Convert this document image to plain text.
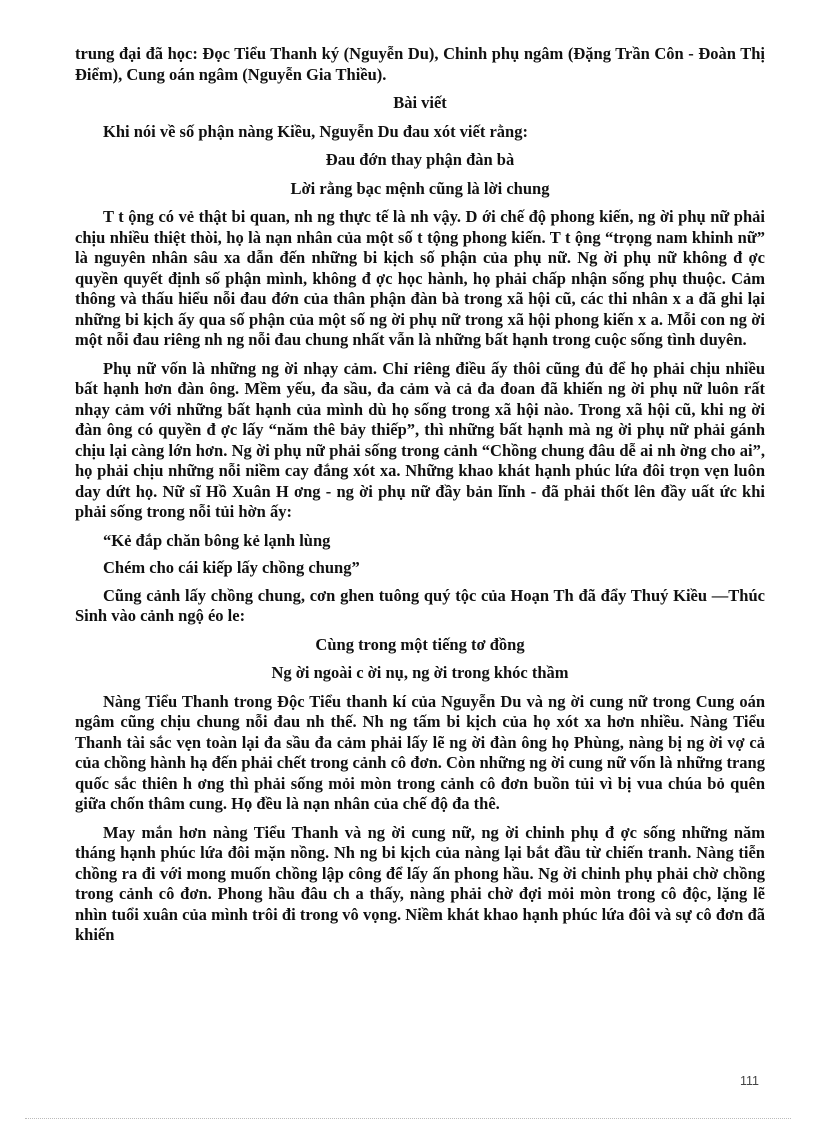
trung đại đã học: Đọc Tiểu Thanh ký (Nguyễn Du), Chinh phụ ngâm (Đặng Trần Côn - Đoàn Thị Điểm), Cung oán ngâm (Nguyễn Gia Thiều).

Bài viết

Khi nói về số phận nàng Kiều, Nguyễn Du đau xót viết rằng:

Đau đớn thay phận đàn bà

Lời rằng bạc mệnh cũng là lời chung

T t ộng có vẻ thật bi quan, nh ng thực tế là nh vậy. D ới chế độ phong kiến, ng ời phụ nữ phải chịu nhiều thiệt thòi, họ là nạn nhân của một số t tộng phong kiến. T t ộng “trọng nam khinh nữ” là nguyên nhân sâu xa dẫn đến những bi kịch số phận của phụ nữ. Ng ời phụ nữ không đ ợc quyền quyết định số phận mình, không đ ợc học hành, họ phải chấp nhận sống phụ thuộc. Cảm thông và thấu hiểu nỗi đau đớn của thân phận đàn bà trong xã hội cũ, các thi nhân x a đã ghi lại những bi kịch ấy qua số phận của một số ng ời phụ nữ trong xã hội phong kiến x a. Mỗi con ng ời một nỗi đau riêng nh ng nỗi đau chung nhất vẫn là những bất hạnh trong cuộc sống tình duyên.

Phụ nữ vốn là những ng ời nhạy cảm. Chỉ riêng điều ấy thôi cũng đủ để họ phải chịu nhiều bất hạnh hơn đàn ông. Mềm yếu, đa sầu, đa cảm và cả đa đoan đã khiến ng ời phụ nữ luôn rất nhạy cảm với những bất hạnh của mình dù họ sống trong xã hội nào. Trong xã hội cũ, khi ng ời đàn ông có quyền đ ợc lấy “năm thê bảy thiếp”, thì những bất hạnh mà ng ời phụ nữ phải gánh chịu lại càng lớn hơn. Ng ời phụ nữ phải sống trong cảnh “Chồng chung đâu dễ ai nh ờng cho ai”, họ phải chịu những nỗi niềm cay đắng xót xa. Những khao khát hạnh phúc lứa đôi trọn vẹn luôn day dứt họ. Nữ sĩ Hồ Xuân H ơng - ng ời phụ nữ đầy bản lĩnh - đã phải thốt lên đầy uất ức khi phải sống trong nỗi tủi hờn ấy:

“Kẻ đắp chăn bông kẻ lạnh lùng

Chém cho cái kiếp lấy chồng chung”

Cũng cảnh lấy chồng chung, cơn ghen tuông quý tộc của Hoạn Th đã đẩy Thuý Kiều —Thúc Sinh vào cảnh ngộ éo le:

Cùng trong một tiếng tơ đồng

Ng ời ngoài c ời nụ, ng ời trong khóc thầm

Nàng Tiểu Thanh trong Độc Tiểu thanh kí của Nguyễn Du và ng ời cung nữ trong Cung oán ngâm cũng chịu chung nỗi đau nh thế. Nh ng tấm bi kịch của họ xót xa hơn nhiều. Nàng Tiểu Thanh tài sắc vẹn toàn lại đa sầu đa cảm phải lấy lẽ ng ời đàn ông họ Phùng, nàng bị ng ời vợ cả của chồng hành hạ đến phải chết trong cảnh cô đơn. Còn những ng ời cung nữ vốn là những trang quốc sắc thiên h ơng thì phải sống mỏi mòn trong cảnh cô đơn buồn tủi vì bị vua chúa bỏ quên giữa chốn thâm cung. Họ đều là nạn nhân của chế độ đa thê.

May mắn hơn nàng Tiểu Thanh và ng ời cung nữ, ng ời chinh phụ đ ợc sống những năm tháng hạnh phúc lứa đôi mặn nồng. Nh ng bi kịch của nàng lại bắt đầu từ chiến tranh. Nàng tiễn chồng ra đi với mong muốn chồng lập công để lấy ấn phong hầu. Ng ời chinh phụ phải chờ chồng trong cảnh cô đơn. Phong hầu đâu ch a thấy, nàng phải chờ đợi mỏi mòn trong cô độc, lặng lẽ nhìn tuổi xuân của mình trôi đi trong vô vọng. Niềm khát khao hạnh phúc lứa đôi và sự cô đơn đã khiến

111
